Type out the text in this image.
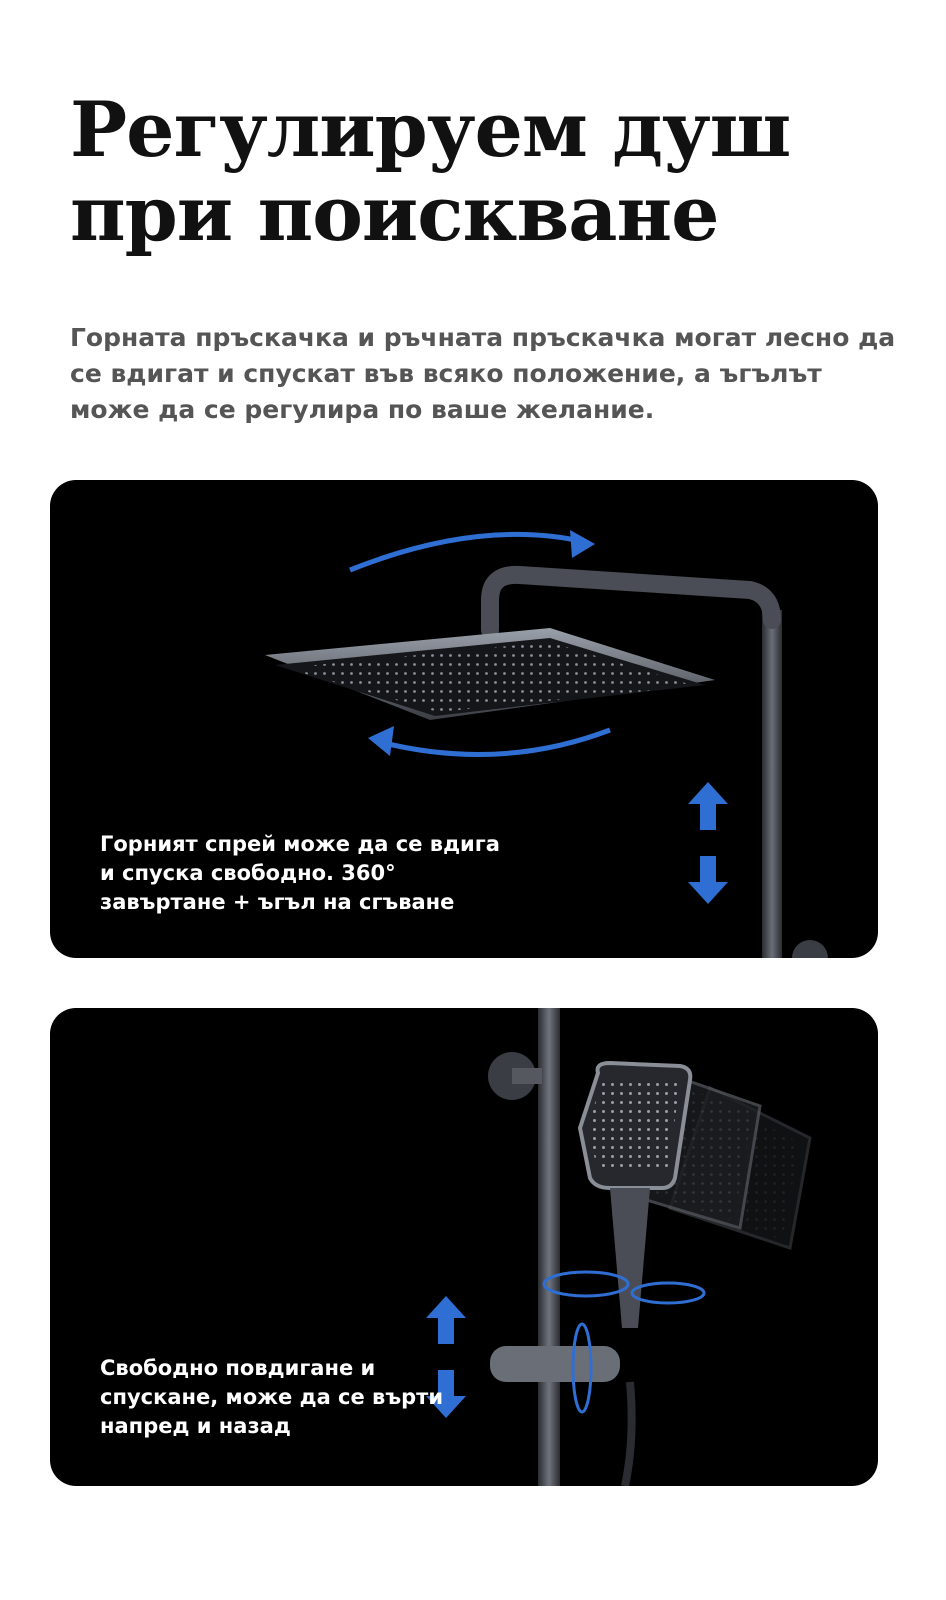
Регулируем душ при поискване

Горната пръскачка и ръчната пръскачка могат лесно да се вдигат и спускат във всяко положение, а ъгълът може да се регулира по ваше желание.

Горният спрей може да се вдига
и спуска свободно. 360°
завъртане + ъгъл на сгъване
Свободно повдигане и
спускане, може да се върти
напред и назад
